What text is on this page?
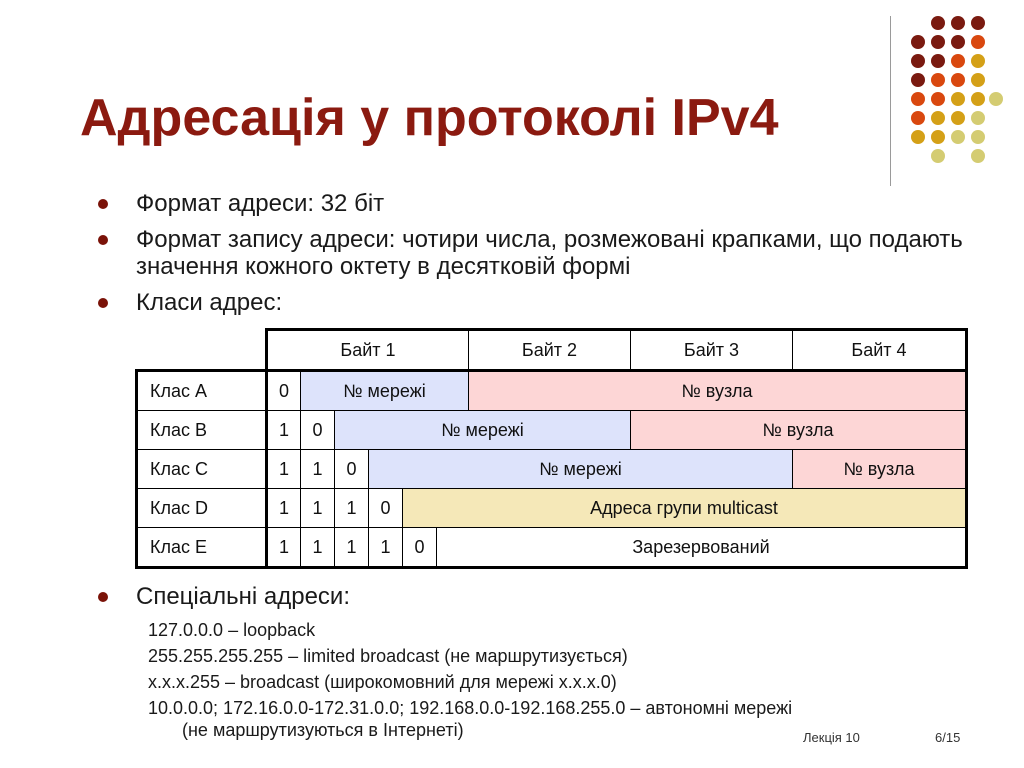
Адресація у протоколі IPv4
Формат адреси: 32 біт
Формат запису адреси: чотири числа, розмежовані крапками, що подають значення кожного октету в десятковій формі
Класи адрес:
	Байт 1						Байт 2	Байт 3	Байт 4
Клас A	0	№ мережі					№ вузла		
Клас B	1	0	№ мережі					№ вузла	
Клас C	1	1	0	№ мережі					№ вузла
Клас D	1	1	1	0	Адреса групи multicast				
Клас E	1	1	1	1	0	Зарезервований			
Спеціальні адреси:
127.0.0.0 – loopback
255.255.255.255 – limited broadcast (не маршрутизується)
x.x.x.255 – broadcast (широкомовний для мережі x.x.x.0)
10.0.0.0; 172.16.0.0-172.31.0.0; 192.168.0.0-192.168.255.0 – автономні мережі
(не маршрутизуються в Інтернеті)	Лекція 10	6/15
